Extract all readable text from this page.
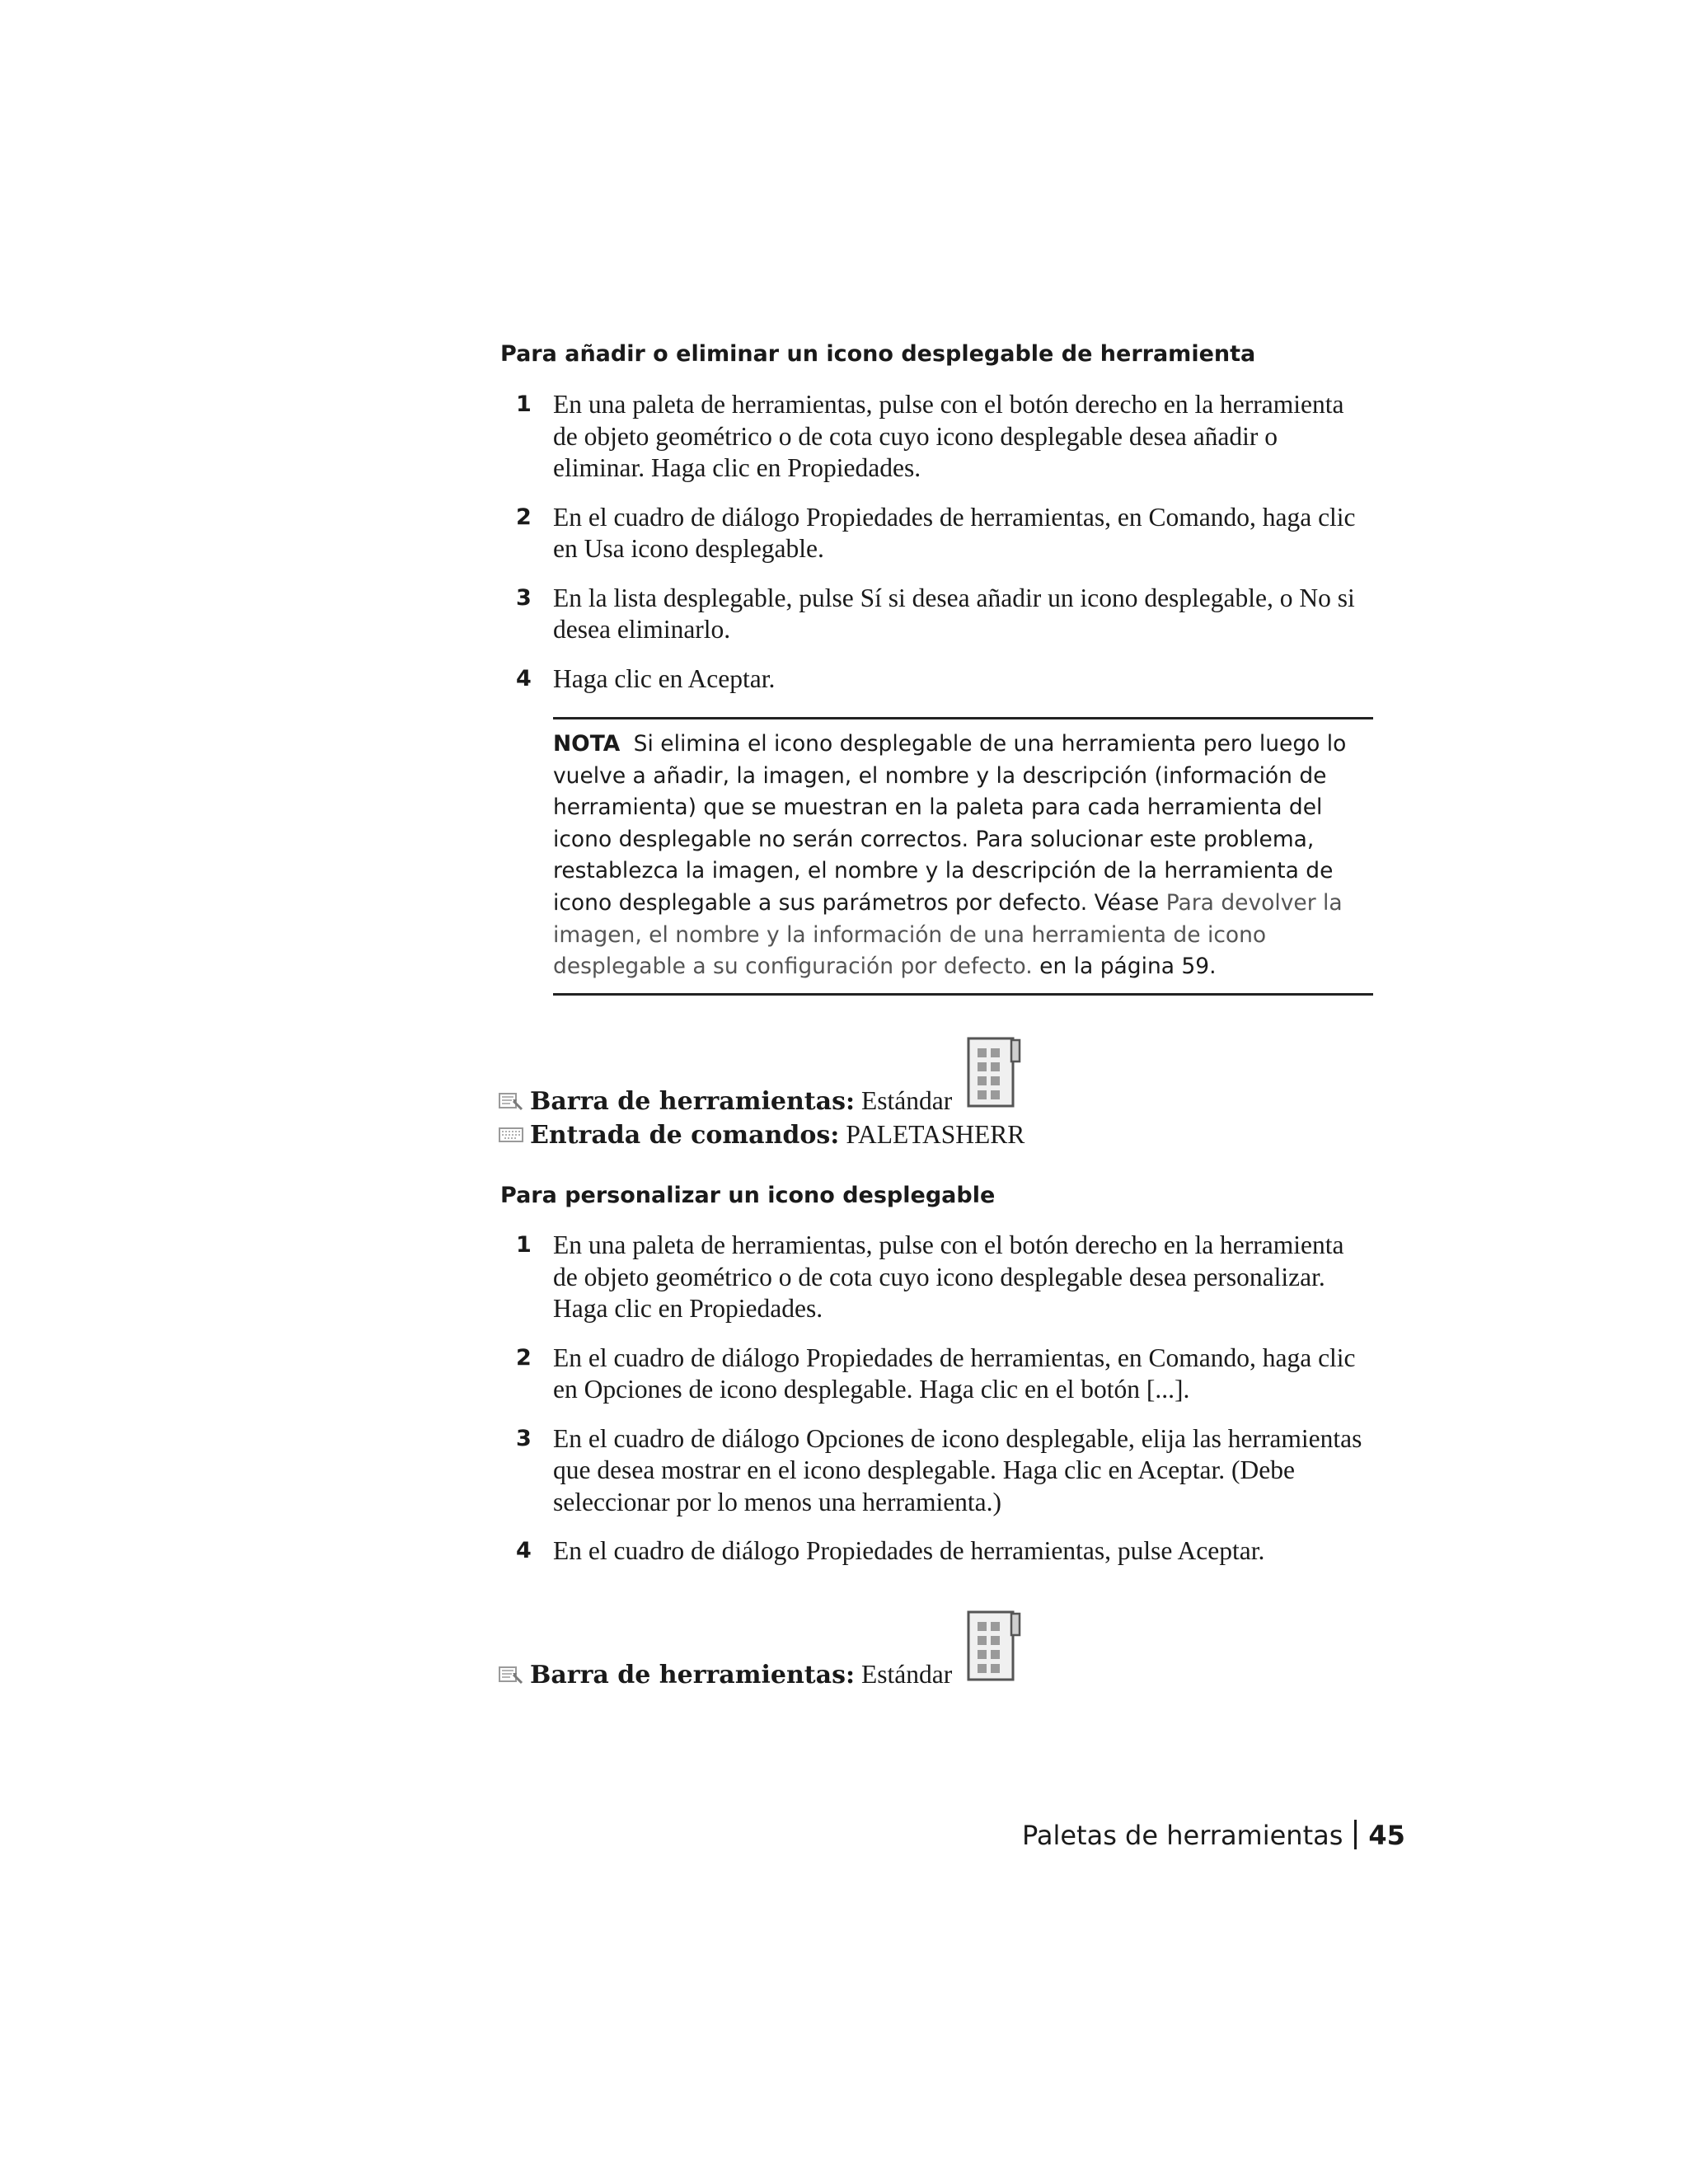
Para añadir o eliminar un icono desplegable de herramienta
1 En una paleta de herramientas, pulse con el botón derecho en la herramienta de objeto geométrico o de cota cuyo icono desplegable desea añadir o eliminar. Haga clic en Propiedades.
2 En el cuadro de diálogo Propiedades de herramientas, en Comando, haga clic en Usa icono desplegable.
3 En la lista desplegable, pulse Sí si desea añadir un icono desplegable, o No si desea eliminarlo.
4 Haga clic en Aceptar.
NOTA Si elimina el icono desplegable de una herramienta pero luego lo vuelve a añadir, la imagen, el nombre y la descripción (información de herramienta) que se muestran en la paleta para cada herramienta del icono desplegable no serán correctos. Para solucionar este problema, restablezca la imagen, el nombre y la descripción de la herramienta de icono desplegable a sus parámetros por defecto. Véase Para devolver la imagen, el nombre y la información de una herramienta de icono desplegable a su configuración por defecto. en la página 59.
Barra de herramientas: Estándar
Entrada de comandos: PALETASHERR
Para personalizar un icono desplegable
1 En una paleta de herramientas, pulse con el botón derecho en la herramienta de objeto geométrico o de cota cuyo icono desplegable desea personalizar. Haga clic en Propiedades.
2 En el cuadro de diálogo Propiedades de herramientas, en Comando, haga clic en Opciones de icono desplegable. Haga clic en el botón [...].
3 En el cuadro de diálogo Opciones de icono desplegable, elija las herramientas que desea mostrar en el icono desplegable. Haga clic en Aceptar. (Debe seleccionar por lo menos una herramienta.)
4 En el cuadro de diálogo Propiedades de herramientas, pulse Aceptar.
Barra de herramientas: Estándar
Paletas de herramientas 45
